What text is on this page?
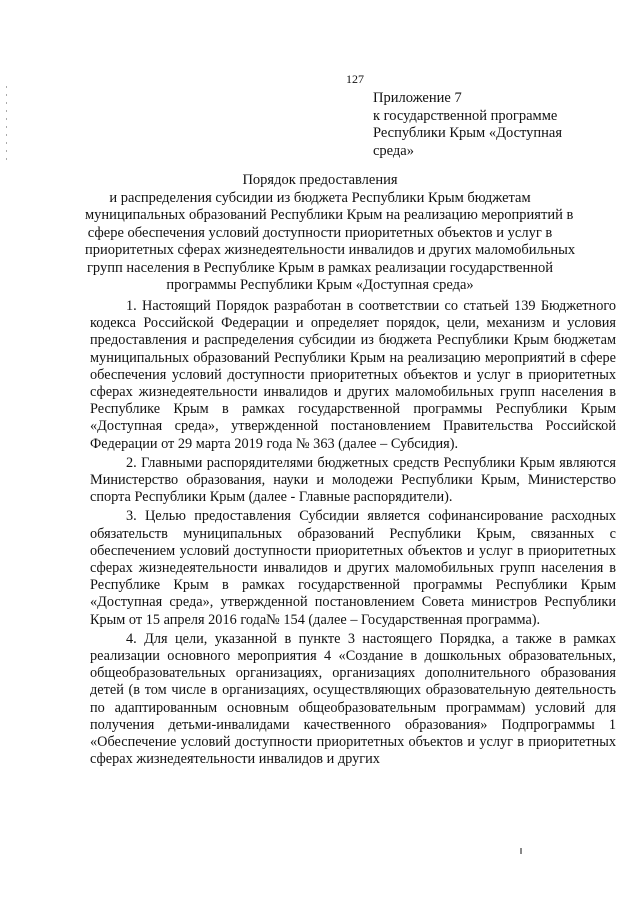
127
Приложение 7
к государственной программе
Республики Крым «Доступная
среда»
Порядок предоставления
и распределения субсидии из бюджета Республики Крым бюджетам
муниципальных образований Республики Крым на реализацию мероприятий в
сфере обеспечения условий доступности приоритетных объектов и услуг в
приоритетных сферах жизнедеятельности инвалидов и других маломобильных
групп населения в Республике Крым в рамках реализации государственной
программы Республики Крым «Доступная среда»

1. Настоящий Порядок разработан в соответствии со статьей 139 Бюджетного кодекса Российской Федерации и определяет порядок, цели, механизм и условия предоставления и распределения субсидии из бюджета Республики Крым бюджетам муниципальных образований Республики Крым на реализацию мероприятий в сфере обеспечения условий доступности приоритетных объектов и услуг в приоритетных сферах жизнедеятельности инвалидов и других маломобильных групп населения в Республике Крым в рамках государственной программы Республики Крым «Доступная среда», утвержденной постановлением Правительства Российской Федерации от 29 марта 2019 года № 363 (далее – Субсидия).

2. Главными распорядителями бюджетных средств Республики Крым являются Министерство образования, науки и молодежи Республики Крым, Министерство спорта Республики Крым (далее - Главные распорядители).

3. Целью предоставления Субсидии является софинансирование расходных обязательств муниципальных образований Республики Крым, связанных с обеспечением условий доступности приоритетных объектов и услуг в приоритетных сферах жизнедеятельности инвалидов и других маломобильных групп населения в Республике Крым в рамках государственной программы Республики Крым «Доступная среда», утвержденной постановлением Совета министров Республики Крым от 15 апреля 2016 года№ 154 (далее – Государственная программа).

4. Для цели, указанной в пункте 3 настоящего Порядка, а также в рамках реализации основного мероприятия 4 «Создание в дошкольных образовательных, общеобразовательных организациях, организациях дополнительного образования детей (в том числе в организациях, осуществляющих образовательную деятельность по адаптированным основным общеобразовательным программам) условий для получения детьми-инвалидами качественного образования» Подпрограммы 1 «Обеспечение условий доступности приоритетных объектов и услуг в приоритетных сферах жизнедеятельности инвалидов и других
